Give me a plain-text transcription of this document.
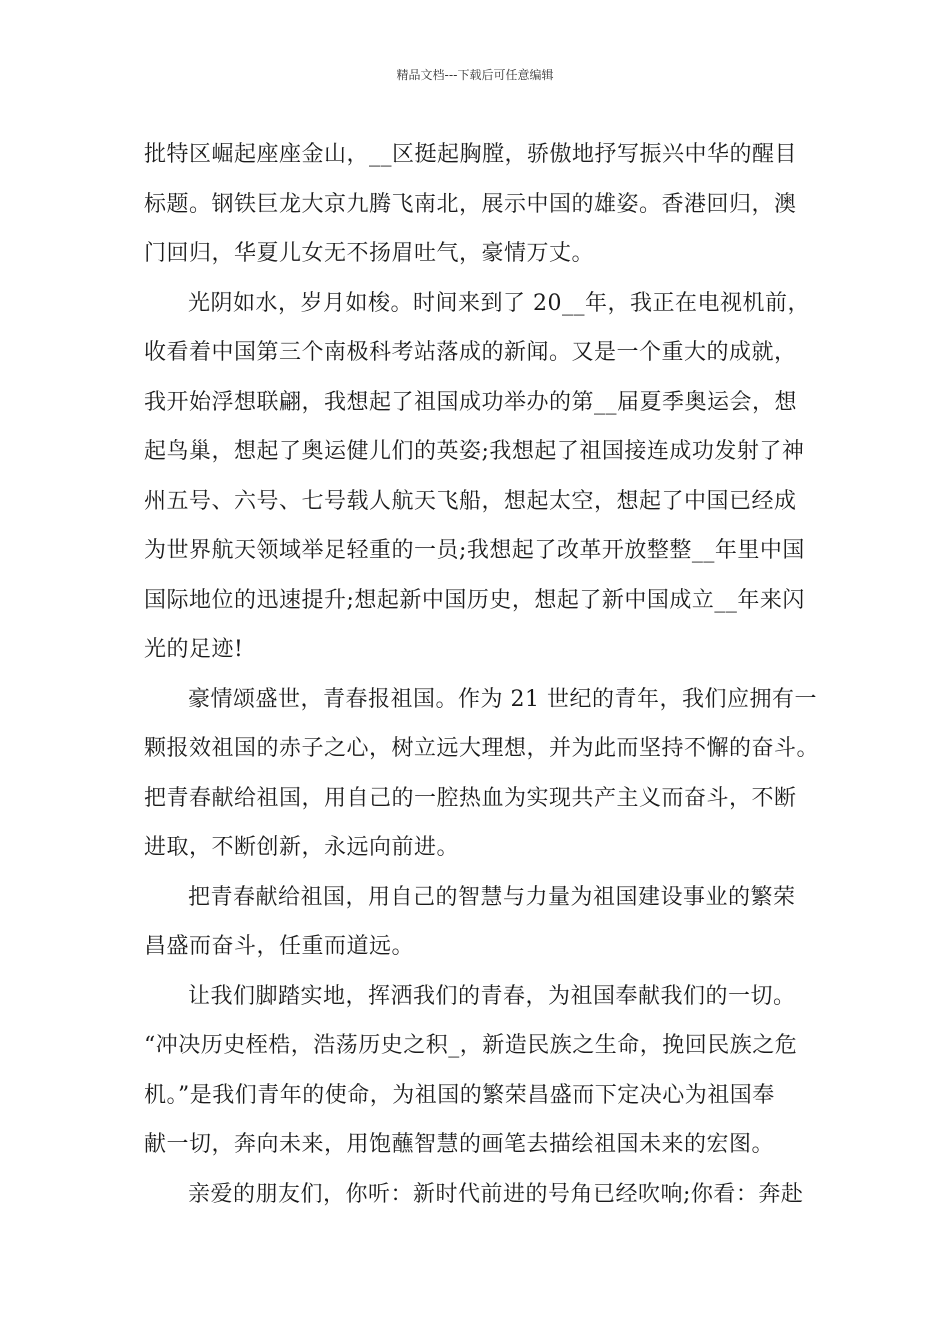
精品文档---下载后可任意编辑
批特区崛起座座金山，__区挺起胸膛，骄傲地抒写振兴中华的醒目
标题。钢铁巨龙大京九腾飞南北，展示中国的雄姿。香港回归，澳
门回归，华夏儿女无不扬眉吐气，豪情万丈。
光阴如水，岁月如梭。时间来到了 20__年，我正在电视机前，
收看着中国第三个南极科考站落成的新闻。又是一个重大的成就，
我开始浮想联翩，我想起了祖国成功举办的第__届夏季奥运会，想
起鸟巢，想起了奥运健儿们的英姿;我想起了祖国接连成功发射了神
州五号、六号、七号载人航天飞船，想起太空，想起了中国已经成
为世界航天领域举足轻重的一员;我想起了改革开放整整__年里中国
国际地位的迅速提升;想起新中国历史，想起了新中国成立__年来闪
光的足迹!
豪情颂盛世，青春报祖国。作为 21 世纪的青年，我们应拥有一
颗报效祖国的赤子之心，树立远大理想，并为此而坚持不懈的奋斗。
把青春献给祖国，用自己的一腔热血为实现共产主义而奋斗，不断
进取，不断创新，永远向前进。
把青春献给祖国，用自己的智慧与力量为祖国建设事业的繁荣
昌盛而奋斗，任重而道远。
让我们脚踏实地，挥洒我们的青春，为祖国奉献我们的一切。
“冲决历史桎梏，浩荡历史之积_，新造民族之生命，挽回民族之危
机。”是我们青年的使命，为祖国的繁荣昌盛而下定决心为祖国奉
献一切，奔向未来，用饱蘸智慧的画笔去描绘祖国未来的宏图。
亲爱的朋友们，你听：新时代前进的号角已经吹响;你看：奔赴
